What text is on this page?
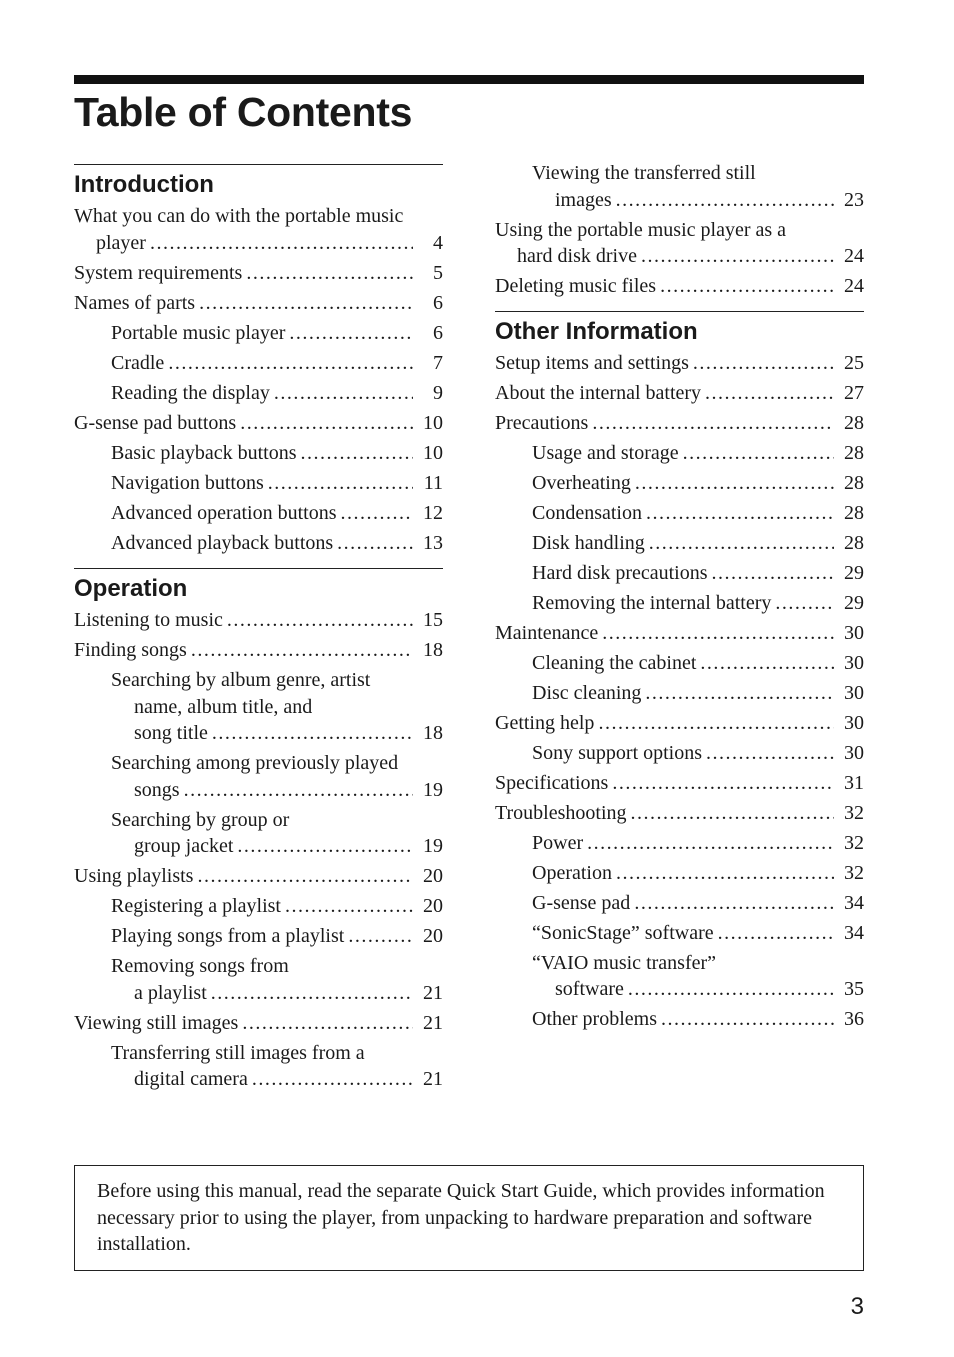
Table of Contents
Introduction
What you can do with the portable music
player .....	4
System requirements .....	5
Names of parts .....	6
Portable music player .....	6
Cradle .....	7
Reading the display .....	9
G-sense pad buttons .....	10
Basic playback buttons .....	10
Navigation buttons .....	11
Advanced operation buttons .....	12
Advanced playback buttons .....	13
Operation
Listening to music .....	15
Finding songs .....	18
Searching by album genre, artist
name, album title, and
song title .....	18
Searching among previously played
songs .....	19
Searching by group or
group jacket .....	19
Using playlists .....	20
Registering a playlist .....	20
Playing songs from a playlist .....	20
Removing songs from
a playlist .....	21
Viewing still images .....	21
Transferring still images from a
digital camera .....	21
Viewing the transferred still
images .....	23
Using the portable music player as a
hard disk drive .....	24
Deleting music files .....	24
Other Information
Setup items and settings .....	25
About the internal battery .....	27
Precautions .....	28
Usage and storage .....	28
Overheating .....	28
Condensation .....	28
Disk handling .....	28
Hard disk precautions .....	29
Removing the internal battery .....	29
Maintenance .....	30
Cleaning the cabinet .....	30
Disc cleaning .....	30
Getting help .....	30
Sony support options .....	30
Specifications .....	31
Troubleshooting .....	32
Power .....	32
Operation .....	32
G-sense pad .....	34
“SonicStage” software .....	34
“VAIO music transfer”
software .....	35
Other problems .....	36
Before using this manual, read the separate Quick Start Guide, which provides information necessary prior to using the player, from unpacking to hardware preparation and software installation.
3
